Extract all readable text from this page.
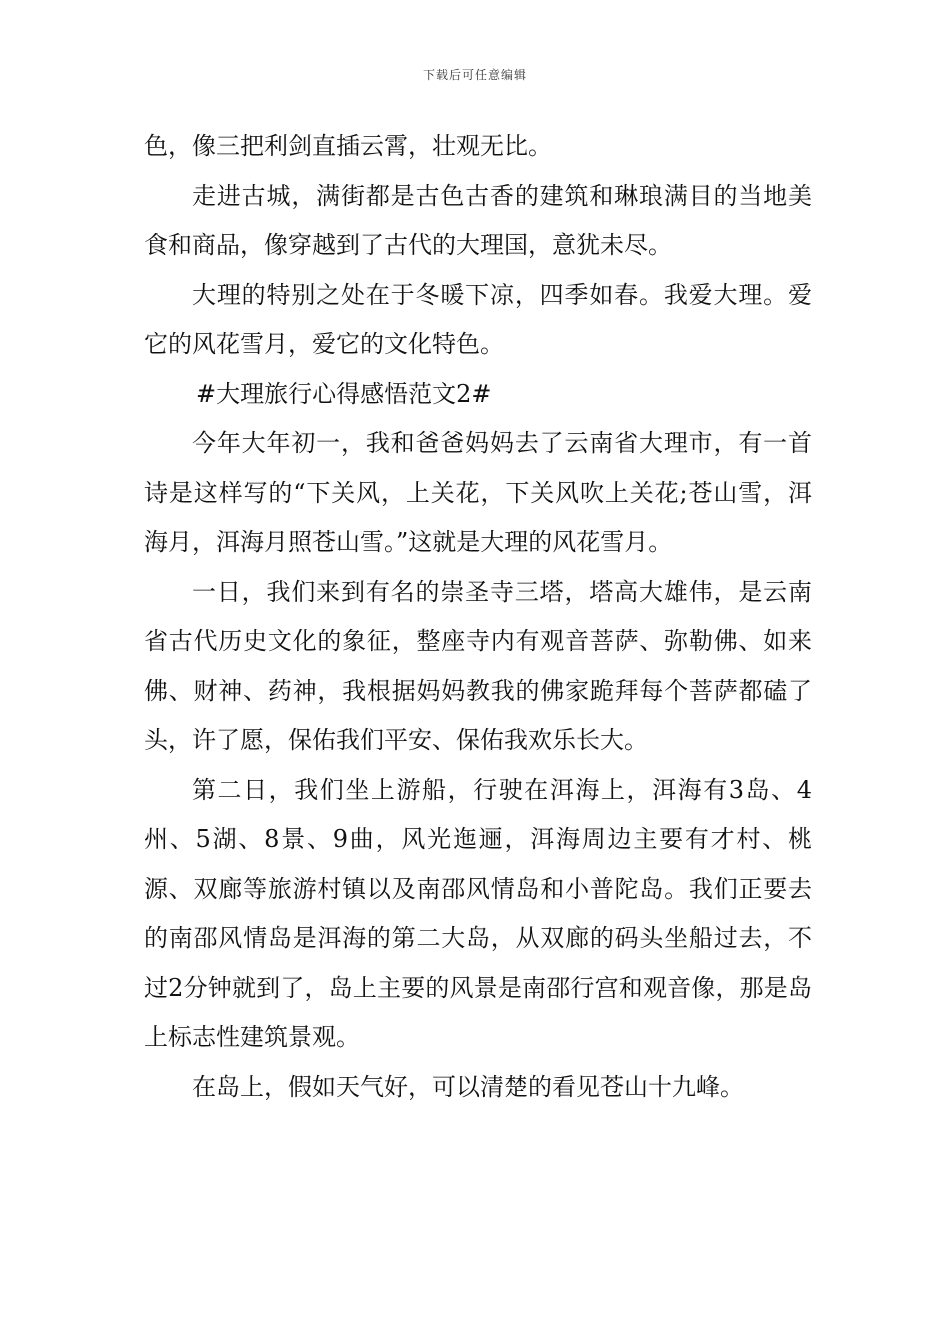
下载后可任意编辑

色，像三把利剑直插云霄，壮观无比。

走进古城，满街都是古色古香的建筑和琳琅满目的当地美食和商品，像穿越到了古代的大理国，意犹未尽。

大理的特别之处在于冬暖下凉，四季如春。我爱大理。爱它的风花雪月，爱它的文化特色。

#大理旅行心得感悟范文2#

今年大年初一，我和爸爸妈妈去了云南省大理市，有一首诗是这样写的“下关风，上关花，下关风吹上关花;苍山雪，洱海月，洱海月照苍山雪。”这就是大理的风花雪月。

一日，我们来到有名的崇圣寺三塔，塔高大雄伟，是云南省古代历史文化的象征，整座寺内有观音菩萨、弥勒佛、如来佛、财神、药神，我根据妈妈教我的佛家跪拜每个菩萨都磕了头，许了愿，保佑我们平安、保佑我欢乐长大。

第二日，我们坐上游船，行驶在洱海上，洱海有3岛、4州、5湖、8景、9曲，风光迤逦，洱海周边主要有才村、桃源、双廊等旅游村镇以及南邵风情岛和小普陀岛。我们正要去的南邵风情岛是洱海的第二大岛，从双廊的码头坐船过去，不过2分钟就到了，岛上主要的风景是南邵行宫和观音像，那是岛上标志性建筑景观。

在岛上，假如天气好，可以清楚的看见苍山十九峰。
